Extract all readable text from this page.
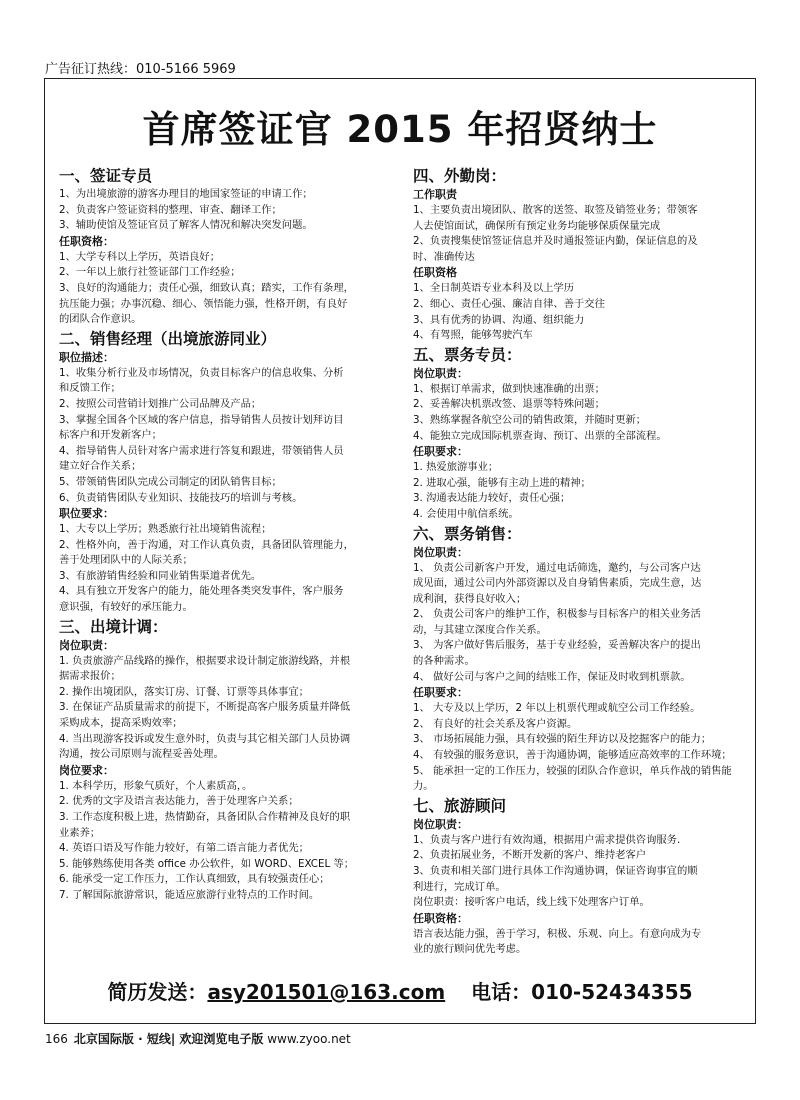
广告征订热线：010-5166 5969
首席签证官 2015 年招贤纳士
一、签证专员
1、为出境旅游的游客办理目的地国家签证的申请工作；
2、负责客户签证资料的整理、审查、翻译工作；
3、辅助使馆及签证官员了解客人情况和解决突发问题。
任职资格：
1、大学专科以上学历，英语良好；
2、一年以上旅行社签证部门工作经验；
3、良好的沟通能力；责任心强，细致认真；踏实，工作有条理，
抗压能力强；办事沉稳、细心、领悟能力强，性格开朗，有良好
的团队合作意识。
二、销售经理（出境旅游同业）
职位描述：
1、收集分析行业及市场情况，负责目标客户的信息收集、分析
和反馈工作；
2、按照公司营销计划推广公司品牌及产品；
3、掌握全国各个区域的客户信息，指导销售人员按计划拜访目
标客户和开发新客户；
4、指导销售人员针对客户需求进行答复和跟进，带领销售人员
建立好合作关系；
5、带领销售团队完成公司制定的团队销售目标；
6、负责销售团队专业知识、技能技巧的培训与考核。
职位要求：
1、大专以上学历；熟悉旅行社出境销售流程；
2、性格外向，善于沟通，对工作认真负责，具备团队管理能力，
善于处理团队中的人际关系；
3、有旅游销售经验和同业销售渠道者优先。
4、具有独立开发客户的能力，能处理各类突发事件，客户服务
意识强，有较好的承压能力。
三、出境计调：
岗位职责：
1. 负责旅游产品线路的操作，根据要求设计制定旅游线路，并根
据需求报价；
2. 操作出境团队，落实订房、订餐、订票等具体事宜；
3. 在保证产品质量需求的前提下，不断提高客户服务质量并降低
采购成本，提高采购效率；
4. 当出现游客投诉或发生意外时，负责与其它相关部门人员协调
沟通，按公司原则与流程妥善处理。
岗位要求：
1. 本科学历，形象气质好，个人素质高，。
2. 优秀的文字及语言表达能力，善于处理客户关系；
3. 工作态度积极上进，热情勤奋，具备团队合作精神及良好的职
业素养；
4. 英语口语及写作能力较好，有第二语言能力者优先；
5. 能够熟练使用各类 office 办公软件，如 WORD、EXCEL 等；
6. 能承受一定工作压力，工作认真细致，具有较强责任心；
7. 了解国际旅游常识，能适应旅游行业特点的工作时间。
四、外勤岗：
工作职责
1、主要负责出境团队、散客的送签、取签及销签业务；带领客
人去使馆面试，确保所有预定业务均能够保质保量完成
2、负责搜集使馆签证信息并及时通报签证内勤，保证信息的及
时、准确传达
任职资格
1、全日制英语专业本科及以上学历
2、细心、责任心强、廉洁自律、善于交往
3、具有优秀的协调、沟通、组织能力
4、有驾照，能够驾驶汽车
五、票务专员：
岗位职责：
1、根据订单需求，做到快速准确的出票；
2、妥善解决机票改签、退票等特殊问题；
3、熟练掌握各航空公司的销售政策，并随时更新；
4、能独立完成国际机票查询、预订、出票的全部流程。
任职要求：
1. 热爱旅游事业；
2. 进取心强，能够有主动上进的精神；
3. 沟通表达能力较好，责任心强；
4. 会使用中航信系统。
六、票务销售：
岗位职责：
1、 负责公司新客户开发，通过电话筛选，邀约，与公司客户达
成见面，通过公司内外部资源以及自身销售素质，完成生意，达
成利润，获得良好收入；
2、 负责公司客户的维护工作，积极参与目标客户的相关业务活
动，与其建立深度合作关系。
3、 为客户做好售后服务，基于专业经验，妥善解决客户的提出
的各种需求。
4、 做好公司与客户之间的结账工作，保证及时收到机票款。
任职要求：
1、 大专及以上学历，2 年以上机票代理或航空公司工作经验。
2、 有良好的社会关系及客户资源。
3、 市场拓展能力强，具有较强的陌生拜访以及挖掘客户的能力；
4、 有较强的服务意识，善于沟通协调，能够适应高效率的工作环境；
5、 能承担一定的工作压力，较强的团队合作意识，单兵作战的销售能
力。
七、旅游顾问
岗位职责：
1、负责与客户进行有效沟通，根据用户需求提供咨询服务.
2、负责拓展业务，不断开发新的客户、维持老客户
3、负责和相关部门进行具体工作沟通协调，保证咨询事宜的顺
利进行，完成订单。
岗位职责：接听客户电话，线上线下处理客户订单。
任职资格：
语言表达能力强，善于学习，积极、乐观、向上。有意向成为专
业的旅行顾问优先考虑。
简历发送：asy201501@163.com 电话：010-52434355
166 北京国际版 · 短线| 欢迎浏览电子版 www.zyoo.net
